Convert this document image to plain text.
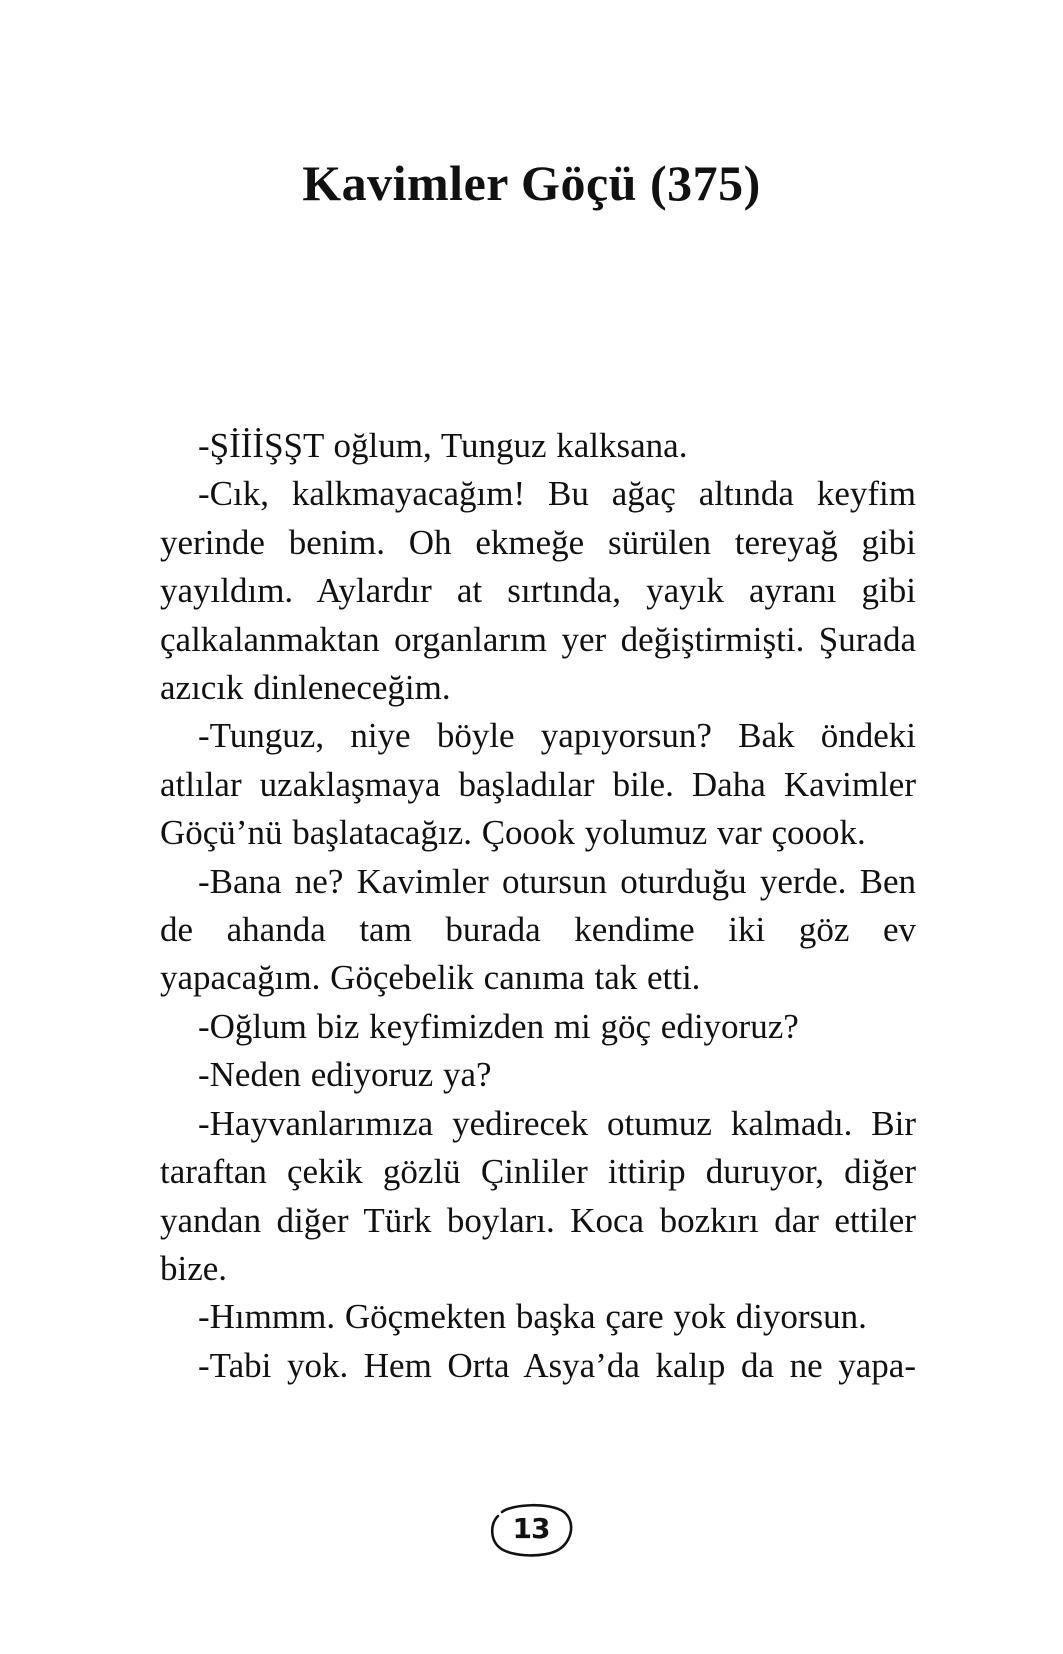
Kavimler Göçü (375)

-ŞİİİŞŞT oğlum, Tunguz kalksana.

-Cık, kalkmayacağım! Bu ağaç altında keyfim yerinde benim. Oh ekmeğe sürülen tereyağ gibi yayıldım. Aylardır at sırtında, yayık ayranı gibi çalkalanmaktan organlarım yer değiştirmişti. Şurada azıcık dinleneceğim.

-Tunguz, niye böyle yapıyorsun? Bak öndeki atlılar uzaklaşmaya başladılar bile. Daha Kavimler Göçü’nü başlatacağız. Çoook yolumuz var çoook.

-Bana ne? Kavimler otursun oturduğu yerde. Ben de ahanda tam burada kendime iki göz ev yapacağım. Göçebelik canıma tak etti.

-Oğlum biz keyfimizden mi göç ediyoruz?

-Neden ediyoruz ya?

-Hayvanlarımıza yedirecek otumuz kalmadı. Bir taraftan çekik gözlü Çinliler ittirip duruyor, diğer yandan diğer Türk boyları. Koca bozkırı dar ettiler bize.

-Hımmm. Göçmekten başka çare yok diyorsun.

-Tabi yok. Hem Orta Asya’da kalıp da ne yapa-

13
